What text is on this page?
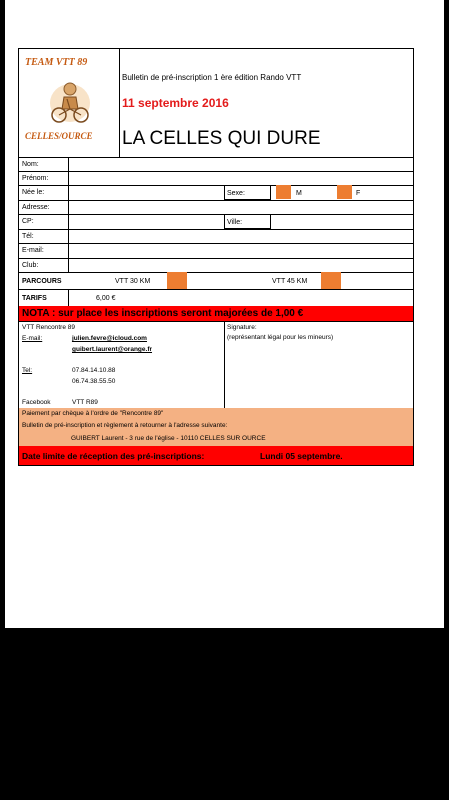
TEAM VTT 89
CELLES/OURCE
Bulletin de pré-inscription 1 ère édition Rando VTT
11 septembre 2016
LA CELLES QUI DURE
Nom:
Prénom:
Née le:	Sexe:	M	F
Adresse:
CP:	Ville:
Tél:
E-mail:
Club:
PARCOURS	VTT 30 KM	VTT 45 KM
TARIFS	6,00 €
NOTA : sur place les inscriptions seront majorées de 1,00 €
VTT Rencontre 89
E-mail:	julien.fevre@icloud.com
guibert.laurent@orange.fr
Tel:	07.84.14.10.88
06.74.38.55.50
Facebook	VTT R89
Signature:
(représentant légal pour les mineurs)
Paiement par chèque à l'ordre de "Rencontre 89"
Bulletin de pré-inscription et règlement à retourner à l'adresse suivante:
GUIBERT Laurent - 3 rue de l'église - 10110 CELLES SUR OURCE
Date limite de réception des pré-inscriptions:	Lundi 05 septembre.
